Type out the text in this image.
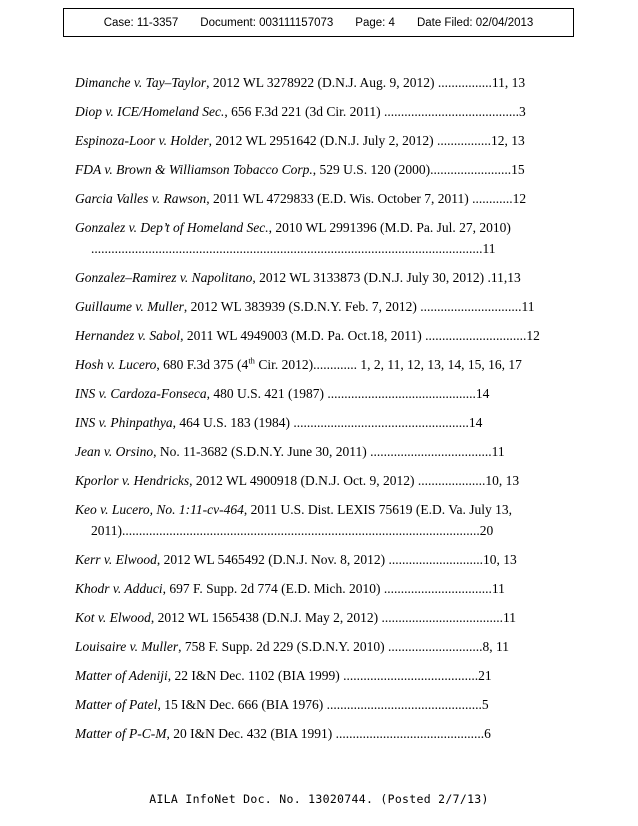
Case: 11-3357 Document: 003111157073 Page: 4 Date Filed: 02/04/2013
Dimanche v. Tay–Taylor, 2012 WL 3278922 (D.N.J. Aug. 9, 2012) ................11, 13
Diop v. ICE/Homeland Sec., 656 F.3d 221 (3d Cir. 2011) ........................................3
Espinoza-Loor v. Holder, 2012 WL 2951642 (D.N.J. July 2, 2012) ................12, 13
FDA v. Brown & Williamson Tobacco Corp., 529 U.S. 120 (2000)........................15
Garcia Valles v. Rawson, 2011 WL 4729833 (E.D. Wis. October 7, 2011) ............12
Gonzalez v. Dep’t of Homeland Sec., 2010 WL 2991396 (M.D. Pa. Jul. 27, 2010) ....................................................................................................................11
Gonzalez–Ramirez v. Napolitano, 2012 WL 3133873 (D.N.J. July 30, 2012) .11,13
Guillaume v. Muller, 2012 WL 383939 (S.D.N.Y. Feb. 7, 2012) ..............................11
Hernandez v. Sabol, 2011 WL 4949003 (M.D. Pa. Oct.18, 2011) ..............................12
Hosh v. Lucero, 680 F.3d 375 (4th Cir. 2012)............. 1, 2, 11, 12, 13, 14, 15, 16, 17
INS v. Cardoza-Fonseca, 480 U.S. 421 (1987) ............................................14
INS v. Phinpathya, 464 U.S. 183 (1984) ....................................................14
Jean v. Orsino, No. 11-3682 (S.D.N.Y. June 30, 2011) ....................................11
Kporlor v. Hendricks, 2012 WL 4900918 (D.N.J. Oct. 9, 2012) ....................10, 13
Keo v. Lucero, No. 1:11-cv-464, 2011 U.S. Dist. LEXIS 75619 (E.D. Va. July 13, 2011)..........................................................................................................20
Kerr v. Elwood, 2012 WL 5465492 (D.N.J. Nov. 8, 2012) ............................10, 13
Khodr v. Adduci, 697 F. Supp. 2d 774 (E.D. Mich. 2010) ................................11
Kot v. Elwood, 2012 WL 1565438 (D.N.J. May 2, 2012) ....................................11
Louisaire v. Muller, 758 F. Supp. 2d 229 (S.D.N.Y. 2010) ............................8, 11
Matter of Adeniji, 22 I&N Dec. 1102 (BIA 1999) ........................................21
Matter of Patel, 15 I&N Dec. 666 (BIA 1976) ..............................................5
Matter of P-C-M, 20 I&N Dec. 432 (BIA 1991) ............................................6
AILA InfoNet Doc. No. 13020744. (Posted 2/7/13)
